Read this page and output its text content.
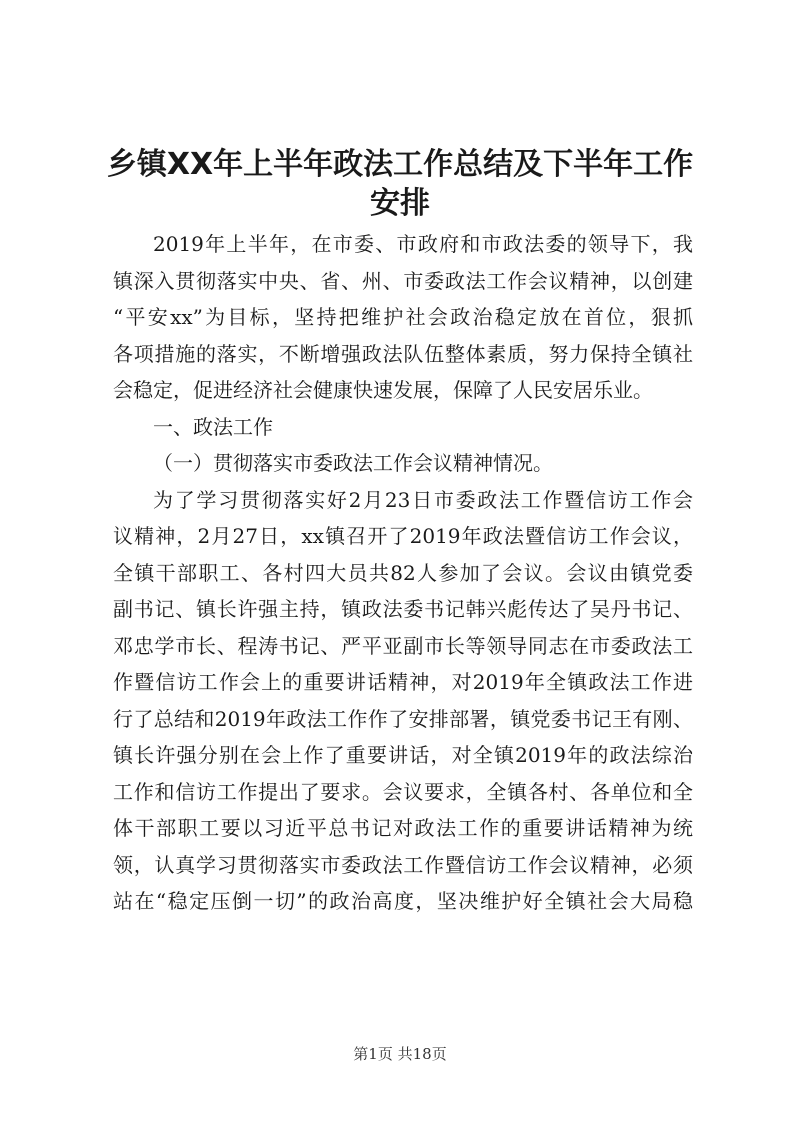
乡镇XX年上半年政法工作总结及下半年工作
安排
2019年上半年，在市委、市政府和市政法委的领导下，我
镇深入贯彻落实中央、省、州、市委政法工作会议精神，以创建
“平安xx”为目标，坚持把维护社会政治稳定放在首位，狠抓
各项措施的落实，不断增强政法队伍整体素质，努力保持全镇社
会稳定，促进经济社会健康快速发展，保障了人民安居乐业。
一、政法工作
（一）贯彻落实市委政法工作会议精神情况。
为了学习贯彻落实好2月23日市委政法工作暨信访工作会
议精神，2月27日，xx镇召开了2019年政法暨信访工作会议，
全镇干部职工、各村四大员共82人参加了会议。会议由镇党委
副书记、镇长许强主持，镇政法委书记韩兴彪传达了吴丹书记、
邓忠学市长、程涛书记、严平亚副市长等领导同志在市委政法工
作暨信访工作会上的重要讲话精神，对2019年全镇政法工作进
行了总结和2019年政法工作作了安排部署，镇党委书记王有刚、
镇长许强分别在会上作了重要讲话，对全镇2019年的政法综治
工作和信访工作提出了要求。会议要求，全镇各村、各单位和全
体干部职工要以习近平总书记对政法工作的重要讲话精神为统
领，认真学习贯彻落实市委政法工作暨信访工作会议精神，必须
站在“稳定压倒一切”的政治高度，坚决维护好全镇社会大局稳
第1页 共18页
